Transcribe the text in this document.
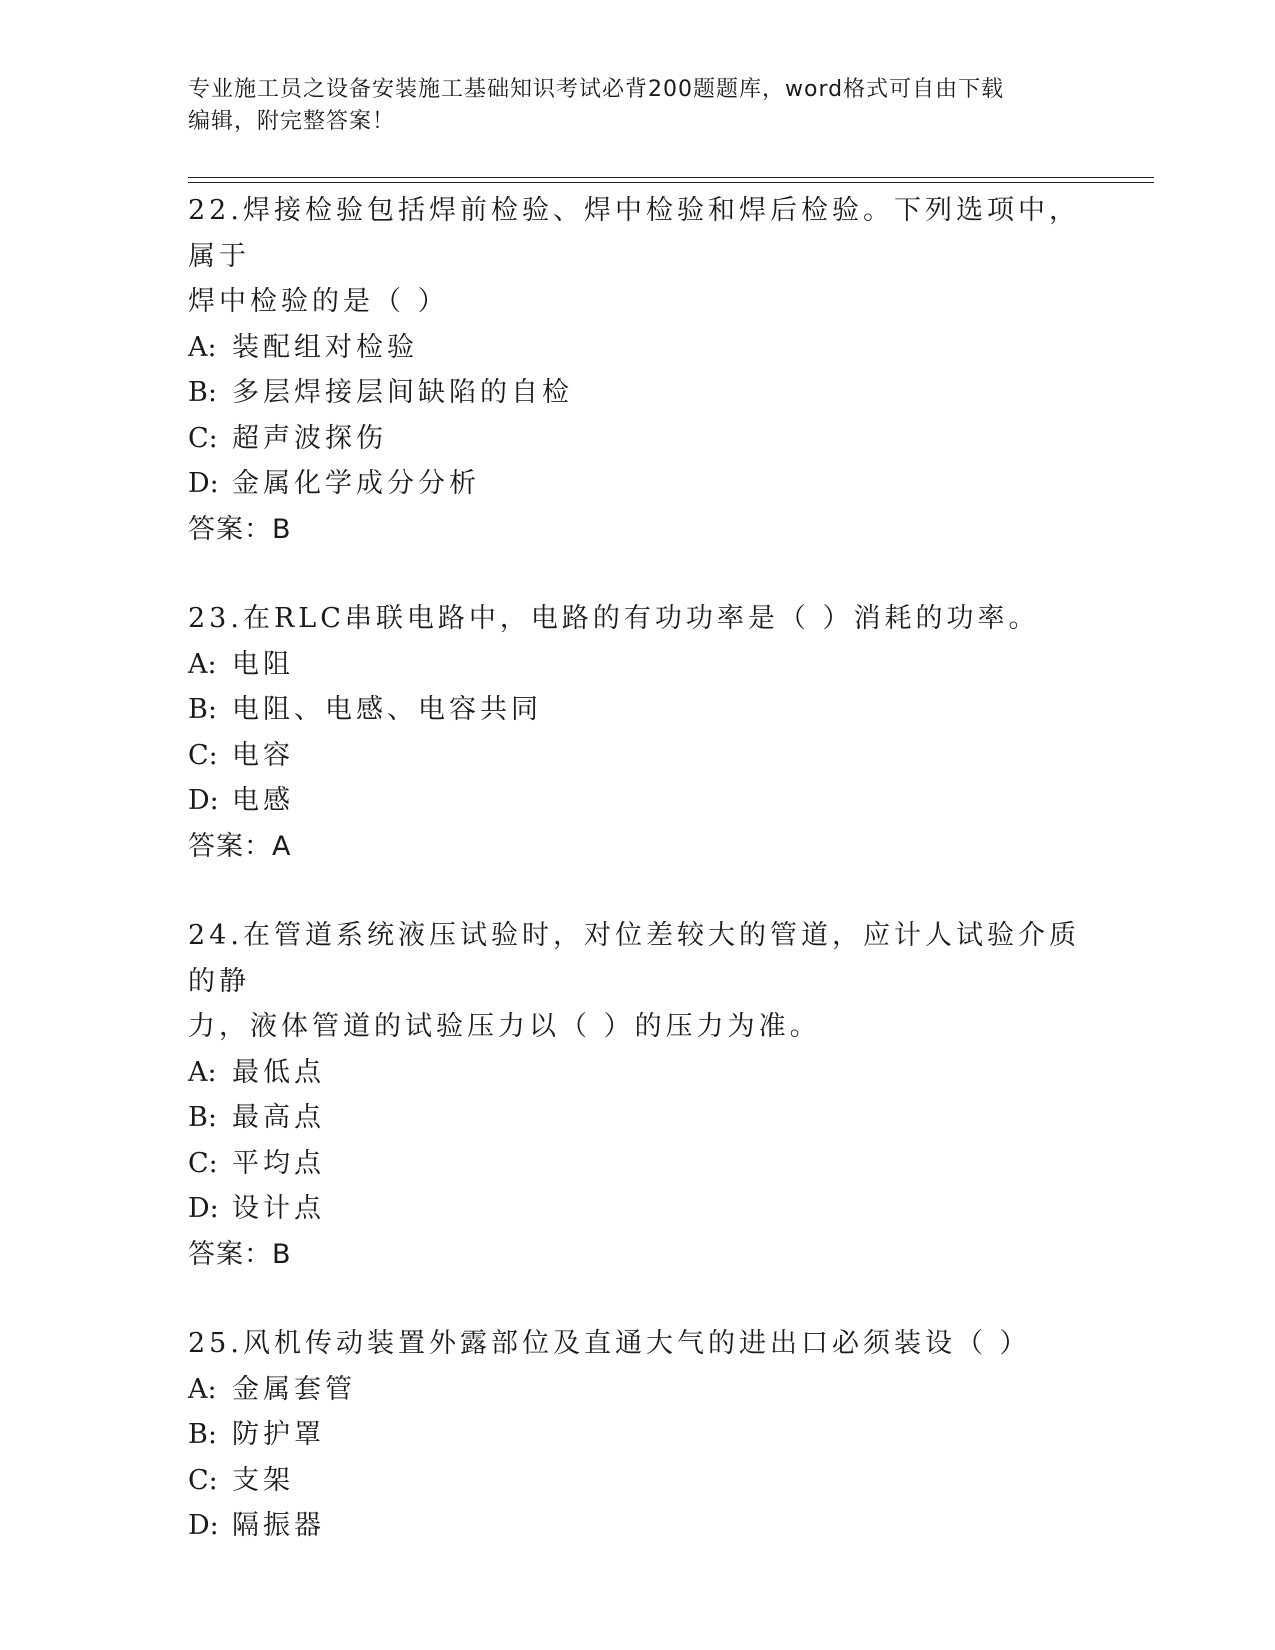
专业施工员之设备安装施工基础知识考试必背200题题库，word格式可自由下载
编辑，附完整答案！
22.焊接检验包括焊前检验、焊中检验和焊后检验。下列选项中，属于
焊中检验的是（ ）
A: 装配组对检验
B: 多层焊接层间缺陷的自检
C: 超声波探伤
D: 金属化学成分分析
答案：B
23.在RLC串联电路中，电路的有功功率是（ ）消耗的功率。
A: 电阻
B: 电阻、电感、电容共同
C: 电容
D: 电感
答案：A
24.在管道系统液压试验时，对位差较大的管道，应计人试验介质的静
力，液体管道的试验压力以（ ）的压力为准。
A: 最低点
B: 最高点
C: 平均点
D: 设计点
答案：B
25.风机传动装置外露部位及直通大气的进出口必须装设（ ）
A: 金属套管
B: 防护罩
C: 支架
D: 隔振器
